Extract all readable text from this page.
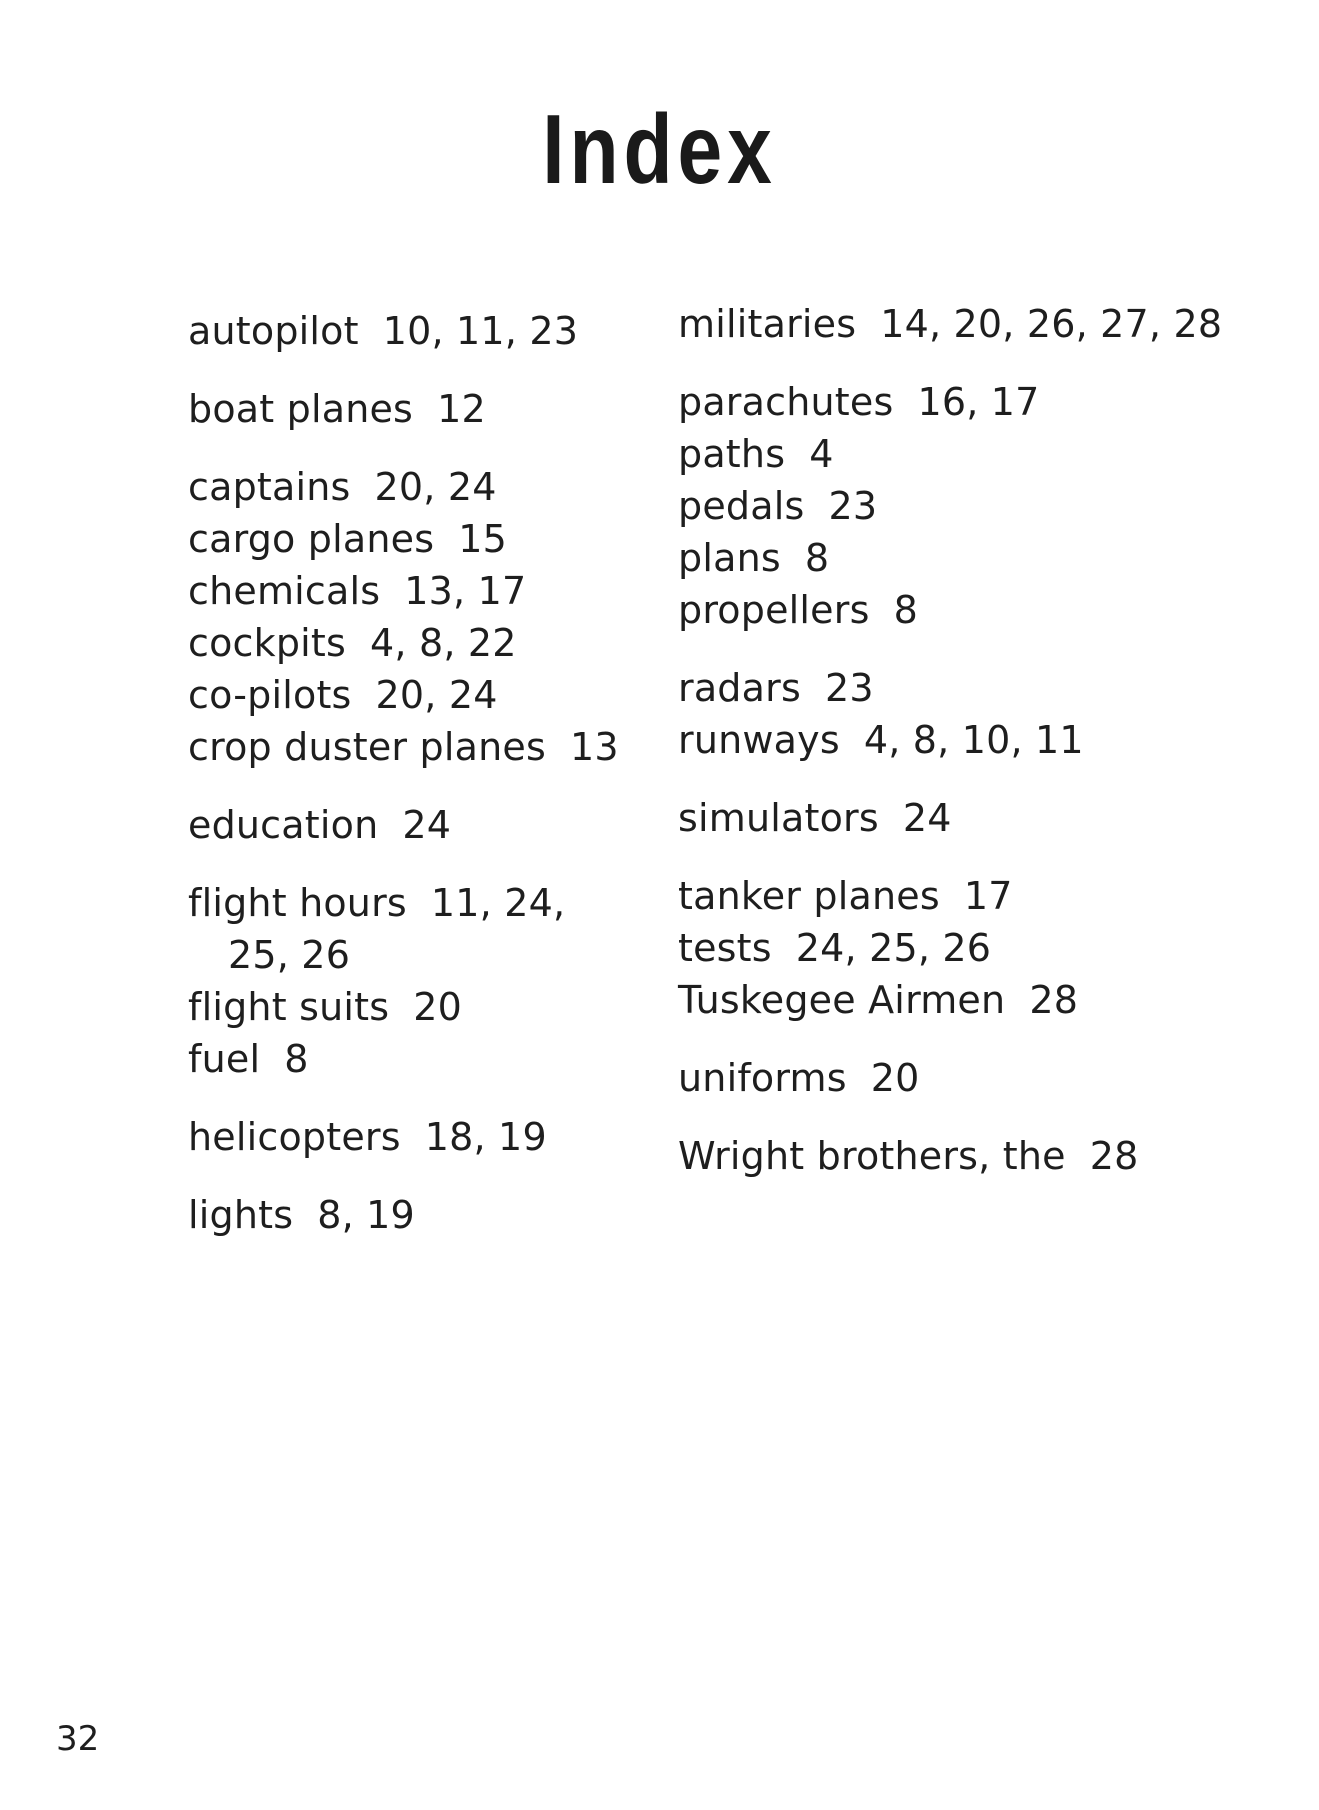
Index
autopilot 10, 11, 23
boat planes 12
captains 20, 24
cargo planes 15
chemicals 13, 17
cockpits 4, 8, 22
co-pilots 20, 24
crop duster planes 13
education 24
flight hours 11, 24, 25, 26
flight suits 20
fuel 8
helicopters 18, 19
lights 8, 19
militaries 14, 20, 26, 27, 28
parachutes 16, 17
paths 4
pedals 23
plans 8
propellers 8
radars 23
runways 4, 8, 10, 11
simulators 24
tanker planes 17
tests 24, 25, 26
Tuskegee Airmen 28
uniforms 20
Wright brothers, the 28
32
